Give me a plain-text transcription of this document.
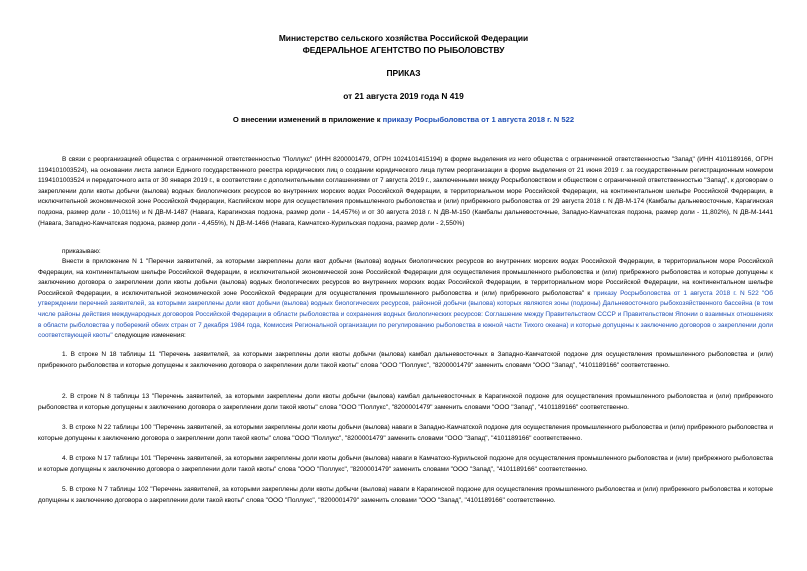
Министерство сельского хозяйства Российской Федерации
ФЕДЕРАЛЬНОЕ АГЕНТСТВО ПО РЫБОЛОВСТВУ
ПРИКАЗ
от 21 августа 2019 года N 419
О внесении изменений в приложение к приказу Росрыболовства от 1 августа 2018 г. N 522

В связи с реорганизацией общества с ограниченной ответственностью "Поллукс" (ИНН 8200001479, ОГРН 1024101415194) в форме выделения из него общества с ограниченной ответственностью "Запад" (ИНН 4101189166, ОГРН 1194101003524), на основании листа записи Единого государственного реестра юридических лиц о создании юридического лица путем реорганизации в форме выделения от 21 июня 2019 г. за государственным регистрационным номером 1194101003524 и передаточного акта от 30 января 2019 г., в соответствии с дополнительными соглашениями от 7 августа 2019 г., заключенными между Росрыболовством и обществом с ограниченной ответственностью "Запад", к договорам о закреплении доли квоты добычи (вылова) водных биологических ресурсов во внутренних морских водах Российской Федерации, в территориальном море Российской Федерации, на континентальном шельфе Российской Федерации, в исключительной экономической зоне Российской Федерации, Каспийском море для осуществления промышленного рыболовства и (или) прибрежного рыболовства от 29 августа 2018 г. N ДВ-М-174 (Камбалы дальневосточные, Карагинская подзона, размер доли - 10,011%) и N ДВ-М-1487 (Навага, Карагинская подзона, размер доли - 14,457%) и от 30 августа 2018 г. N ДВ-М-150 (Камбалы дальневосточные, Западно-Камчатская подзона, размер доли - 11,802%), N ДВ-М-1441 (Навага, Западно-Камчатская подзона, размер доли - 4,455%), N ДВ-М-1466 (Навага, Камчатско-Курильская подзона, размер доли - 2,550%)

приказываю:

Внести в приложение N 1 "Перечни заявителей, за которыми закреплены доли квот добычи (вылова) водных биологических ресурсов во внутренних морских водах Российской Федерации, в территориальном море Российской Федерации, на континентальном шельфе Российской Федерации, в исключительной экономической зоне Российской Федерации для осуществления промышленного рыболовства и (или) прибрежного рыболовства и которые допущены к заключению договора о закреплении доли квоты добычи (вылова) водных биологических ресурсов во внутренних морских водах Российской Федерации, в территориальном море Российской Федерации, на континентальном шельфе Российской Федерации, в исключительной экономической зоне Российской Федерации для осуществления промышленного рыболовства и (или) прибрежного рыболовства" к приказу Росрыболовства от 1 августа 2018 г. N 522 "Об утверждении перечней заявителей, за которыми закреплены доли квот добычи (вылова) водных биологических ресурсов, районной добычи (вылова) которых являются зоны (подзоны) Дальневосточного рыбохозяйственного бассейна (в том числе районы действия международных договоров Российской Федерации в области рыболовства и сохранения водных биологических ресурсов: Соглашение между Правительством СССР и Правительством Японии о взаимных отношениях в области рыболовства у побережий обеих стран от 7 декабря 1984 года, Комиссия Региональной организации по регулированию рыболовства в южной части Тихого океана) и которые допущены к заключению договоров о закреплении доли соответствующей квоты" следующие изменения:

1. В строке N 18 таблицы 11 "Перечень заявителей, за которыми закреплены доли квоты добычи (вылова) камбал дальневосточных в Западно-Камчатской подзоне для осуществления промышленного рыболовства и (или) прибрежного рыболовства и которые допущены к заключению договора о закреплении доли такой квоты" слова "ООО "Поллукс", "8200001479" заменить словами "ООО "Запад", "4101189166" соответственно.

2. В строке N 8 таблицы 13 "Перечень заявителей, за которыми закреплены доли квоты добычи (вылова) камбал дальневосточных в Карагинской подзоне для осуществления промышленного рыболовства и (или) прибрежного рыболовства и которые допущены к заключению договора о закреплении доли такой квоты" слова "ООО "Поллукс", "8200001479" заменить словами "ООО "Запад", "4101189166" соответственно.

3. В строке N 22 таблицы 100 "Перечень заявителей, за которыми закреплены доли квоты добычи (вылова) наваги в Западно-Камчатской подзоне для осуществления промышленного рыболовства и (или) прибрежного рыболовства и которые допущены к заключению договора о закреплении доли такой квоты" слова "ООО "Поллукс", "8200001479" заменить словами "ООО "Запад", "4101189166" соответственно.

4. В строке N 17 таблицы 101 "Перечень заявителей, за которыми закреплены доли квоты добычи (вылова) наваги в Камчатско-Курильской подзоне для осуществления промышленного рыболовства и (или) прибрежного рыболовства и которые допущены к заключению договора о закреплении доли такой квоты" слова "ООО "Поллукс", "8200001479" заменить словами "ООО "Запад", "4101189166" соответственно.

5. В строке N 7 таблицы 102 "Перечень заявителей, за которыми закреплены доли квоты добычи (вылова) наваги в Карагинской подзоне для осуществления промышленного рыболовства и (или) прибрежного рыболовства и которые допущены к заключению договора о закреплении доли такой квоты" слова "ООО "Поллукс", "8200001479" заменить словами "ООО "Запад", "4101189166" соответственно.
